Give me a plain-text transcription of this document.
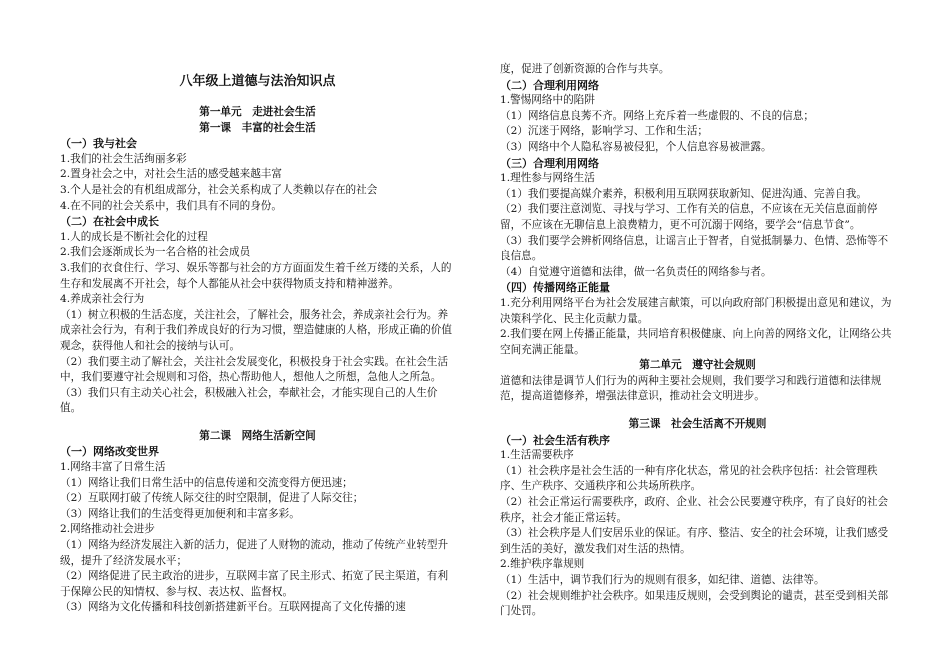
八年级上道德与法治知识点
第一单元　走进社会生活
第一课　丰富的社会生活
（一）我与社会
1.我们的社会生活绚丽多彩
2.置身社会之中，对社会生活的感受越来越丰富
3.个人是社会的有机组成部分，社会关系构成了人类赖以存在的社会
4.在不同的社会关系中，我们具有不同的身份。
（二）在社会中成长
1.人的成长是不断社会化的过程
2.我们会逐渐成长为一名合格的社会成员
3.我们的衣食住行、学习、娱乐等都与社会的方方面面发生着千丝万缕的关系，人的生存和发展离不开社会，每个人都能从社会中获得物质支持和精神滋养。
4.养成亲社会行为
（1）树立积极的生活态度，关注社会，了解社会，服务社会，养成亲社会行为。养成亲社会行为，有利于我们养成良好的行为习惯，塑造健康的人格，形成正确的价值观念，获得他人和社会的接纳与认可。
（2）我们要主动了解社会，关注社会发展变化，积极投身于社会实践。在社会生活中，我们要遵守社会规则和习俗，热心帮助他人，想他人之所想，急他人之所急。
（3）我们只有主动关心社会，积极融入社会，奉献社会，才能实现自己的人生价值。
第二课　网络生活新空间
（一）网络改变世界
1.网络丰富了日常生活
（1）网络让我们日常生活中的信息传递和交流变得方便迅速；
（2）互联网打破了传统人际交往的时空限制，促进了人际交往；
（3）网络让我们的生活变得更加便利和丰富多彩。
2.网络推动社会进步
（1）网络为经济发展注入新的活力，促进了人财物的流动，推动了传统产业转型升级，提升了经济发展水平；
（2）网络促进了民主政治的进步，互联网丰富了民主形式、拓宽了民主渠道，有利于保障公民的知情权、参与权、表达权、监督权。
（3）网络为文化传播和科技创新搭建新平台。互联网提高了文化传播的速
度，促进了创新资源的合作与共享。
（二）合理利用网络
1.警惕网络中的陷阱
（1）网络信息良莠不齐。网络上充斥着一些虚假的、不良的信息；
（2）沉迷于网络，影响学习、工作和生活；
（3）网络中个人隐私容易被侵犯，个人信息容易被泄露。
（三）合理利用网络
1.理性参与网络生活
（1）我们要提高媒介素养，积极利用互联网获取新知、促进沟通、完善自我。
（2）我们要注意浏览、寻找与学习、工作有关的信息，不应该在无关信息面前停留，不应该在无聊信息上浪费精力，更不可沉溺于网络，要学会“信息节食”。
（3）我们要学会辨析网络信息，让谣言止于智者，自觉抵制暴力、色情、恐怖等不良信息。
（4）自觉遵守道德和法律，做一名负责任的网络参与者。
（四）传播网络正能量
1.充分利用网络平台为社会发展建言献策，可以向政府部门积极提出意见和建议，为决策科学化、民主化贡献力量。
2.我们要在网上传播正能量，共同培育积极健康、向上向善的网络文化，让网络公共空间充满正能量。
第二单元　遵守社会规则
道德和法律是调节人们行为的两种主要社会规则，我们要学习和践行道德和法律规范，提高道德修养，增强法律意识，推动社会文明进步。
第三课　社会生活离不开规则
（一）社会生活有秩序
1.生活需要秩序
（1）社会秩序是社会生活的一种有序化状态，常见的社会秩序包括：社会管理秩序、生产秩序、交通秩序和公共场所秩序。
（2）社会正常运行需要秩序，政府、企业、社会公民要遵守秩序，有了良好的社会秩序，社会才能正常运转。
（3）社会秩序是人们安居乐业的保证。有序、整洁、安全的社会环境，让我们感受到生活的美好，激发我们对生活的热情。
2.维护秩序靠规则
（1）生活中，调节我们行为的规则有很多，如纪律、道德、法律等。
（2）社会规则维护社会秩序。如果违反规则，会受到舆论的谴责，甚至受到相关部门处罚。
